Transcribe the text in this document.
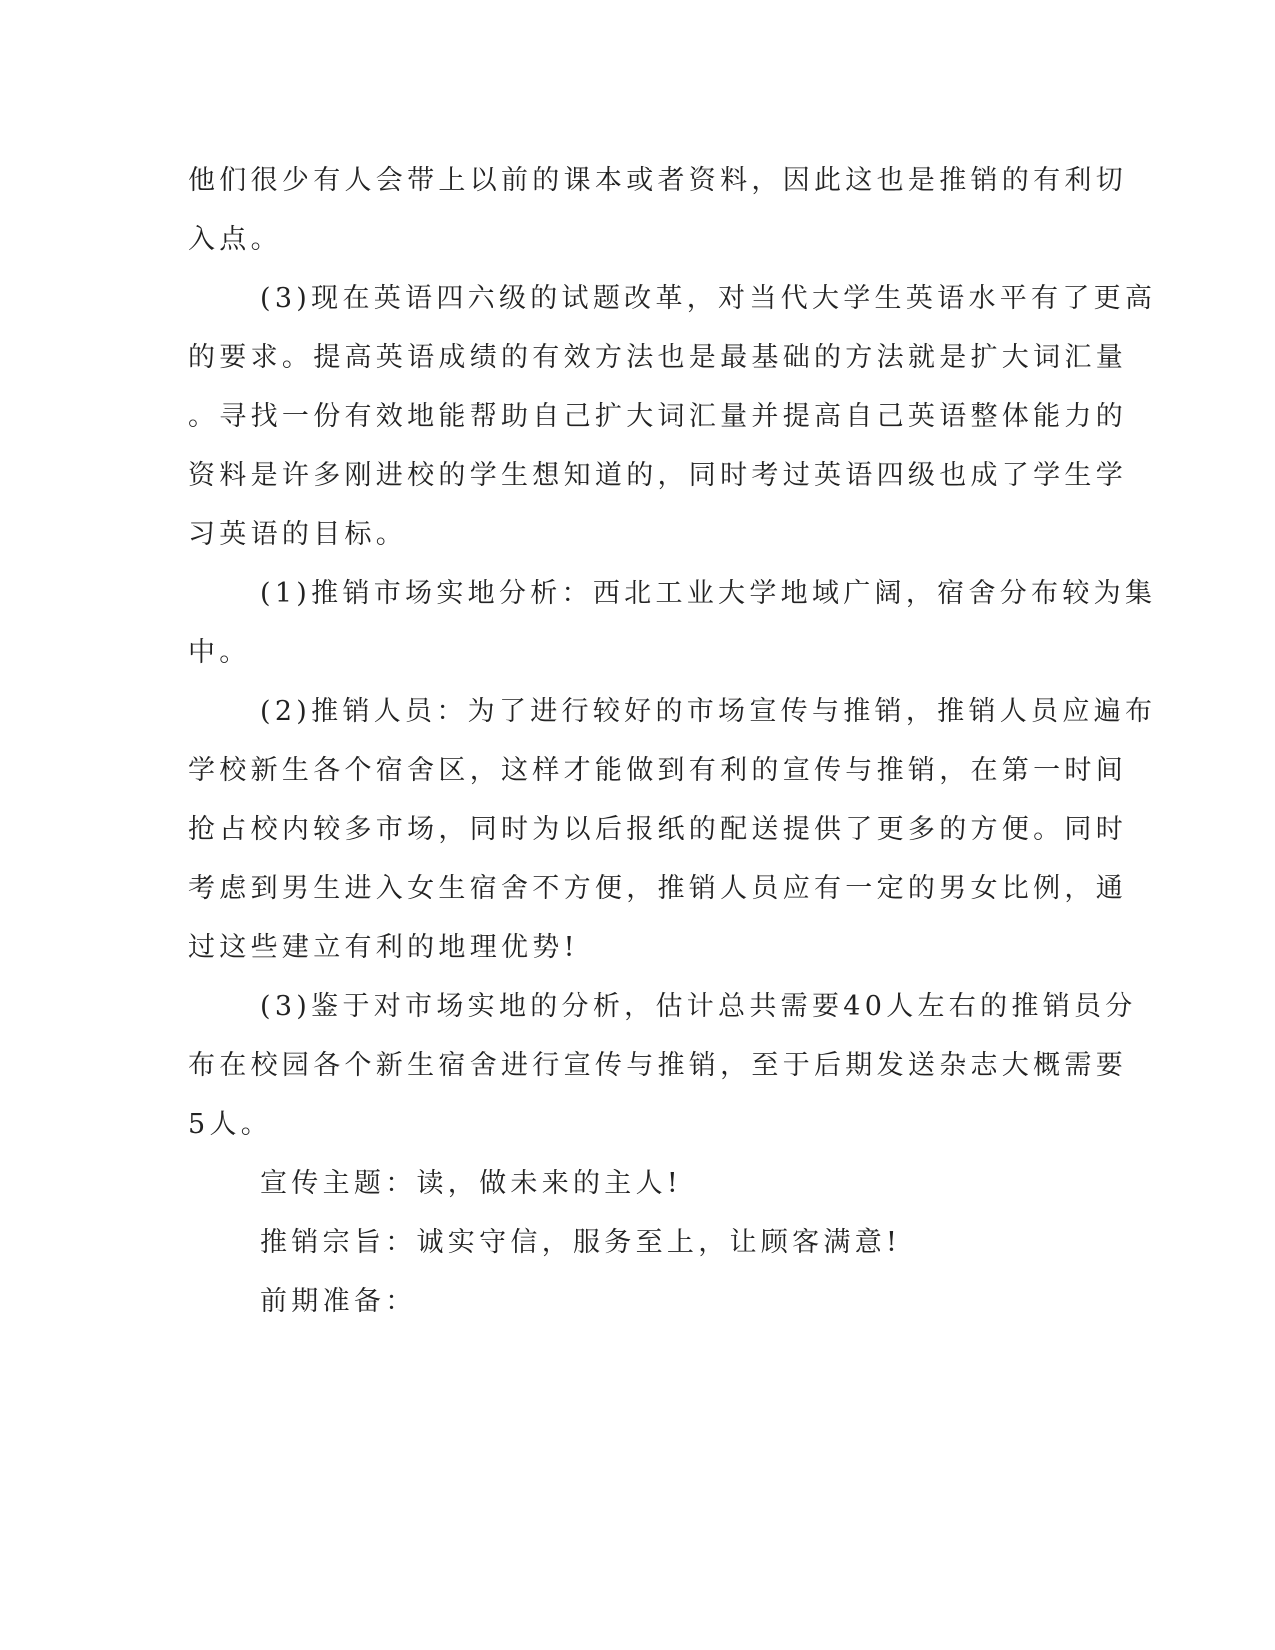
他们很少有人会带上以前的课本或者资料，因此这也是推销的有利切
入点。
(3)现在英语四六级的试题改革，对当代大学生英语水平有了更高
的要求。提高英语成绩的有效方法也是最基础的方法就是扩大词汇量
。寻找一份有效地能帮助自己扩大词汇量并提高自己英语整体能力的
资料是许多刚进校的学生想知道的，同时考过英语四级也成了学生学
习英语的目标。
(1)推销市场实地分析：西北工业大学地域广阔，宿舍分布较为集
中。
(2)推销人员：为了进行较好的市场宣传与推销，推销人员应遍布
学校新生各个宿舍区，这样才能做到有利的宣传与推销，在第一时间
抢占校内较多市场，同时为以后报纸的配送提供了更多的方便。同时
考虑到男生进入女生宿舍不方便，推销人员应有一定的男女比例，通
过这些建立有利的地理优势!
(3)鉴于对市场实地的分析，估计总共需要40人左右的推销员分
布在校园各个新生宿舍进行宣传与推销，至于后期发送杂志大概需要
5人。
宣传主题：读，做未来的主人!
推销宗旨：诚实守信，服务至上，让顾客满意!
前期准备：
